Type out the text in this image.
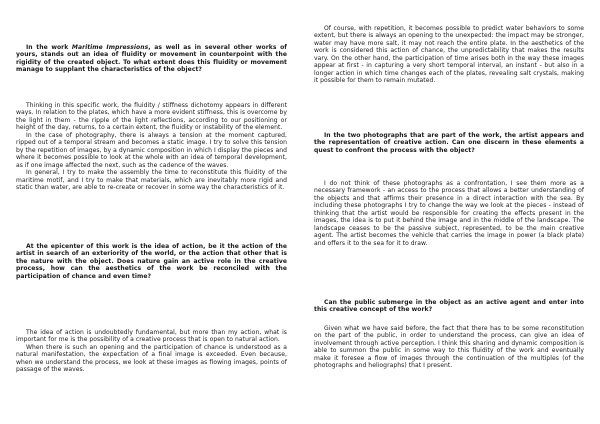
In the work Maritime Impressions, as well as in several other works of yours, stands out an idea of fluidity or movement in counterpoint with the rigidity of the created object. To what extent does this fluidity or movement manage to supplant the characteristics of the object?

Thinking in this specific work, the fluidity / stiffness dichotomy appears in different ways. In relation to the plates, which have a more evident stiffness, this is overcome by the light in them - the ripple of the light reflections, according to our positioning or height of the day, returns, to a certain extent, the fluidity or instability of the element.

In the case of photography, there is always a tension at the moment captured, ripped out of a temporal stream and becomes a static image. I try to solve this tension by the repetition of images, by a dynamic composition in which I display the pieces and where it becomes possible to look at the whole with an idea of temporal development, as if one image affected the next, such as the cadence of the waves.

In general, I try to make the assembly the time to reconstitute this fluidity of the maritime motif, and I try to make that materials, which are inevitably more rigid and static than water, are able to re-create or recover in some way the characteristics of it.

At the epicenter of this work is the idea of action, be it the action of the artist in search of an exteriority of the world, or the action that other that is the nature with the object. Does nature gain an active role in the creative process, how can the aesthetics of the work be reconciled with the participation of chance and even time?

The idea of action is undoubtedly fundamental, but more than my action, what is important for me is the possibility of a creative process that is open to natural action.

When there is such an opening and the participation of chance is understood as a natural manifestation, the expectation of a final image is exceeded. Even because, when we understand the process, we look at these images as flowing images, points of passage of the waves.

Of course, with repetition, it becomes possible to predict water behaviors to some extent, but there is always an opening to the unexpected: the impact may be stronger, water may have more salt, it may not reach the entire plate. In the aesthetics of the work is considered this action of chance, the unpredictability that makes the results vary. On the other hand, the participation of time arises both in the way these images appear at first - in capturing a very short temporal interval, an instant - but also in a longer action in which time changes each of the plates, revealing salt crystals, making it possible for them to remain mutated.

In the two photographs that are part of the work, the artist appears and the representation of creative action. Can one discern in these elements a quest to confront the process with the object?

I do not think of these photographs as a confrontation, I see them more as a necessary framework - an access to the process that allows a better understanding of the objects and that affirms their presence in a direct interaction with the sea. By including these photographs I try to change the way we look at the pieces - instead of thinking that the artist would be responsible for creating the effects present in the images, the idea is to put it behind the image and in the middle of the landscape. The landscape ceases to be the passive subject, represented, to be the main creative agent. The artist becomes the vehicle that carries the image in power (a black plate) and offers it to the sea for it to draw.

Can the public submerge in the object as an active agent and enter into this creative concept of the work?

Given what we have said before, the fact that there has to be some reconstitution on the part of the public, in order to understand the process, can give an idea of involvement through active perception. I think this sharing and dynamic composition is able to summon the public in some way to this fluidity of the work and eventually make it foresee a flow of images through the continuation of the multiples (of the photographs and heliographs) that I present.
